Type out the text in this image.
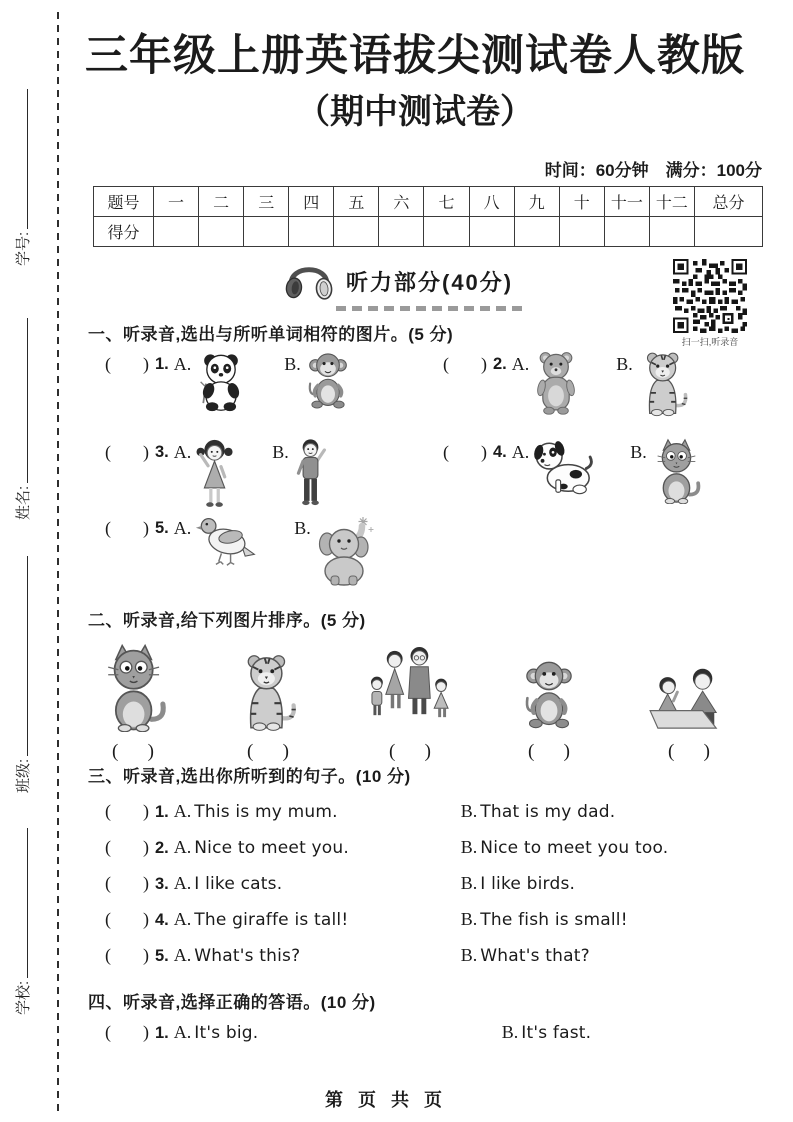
学号:
姓名:
班级:
学校:
三年级上册英语拔尖测试卷人教版
（期中测试卷）
时间：60分钟　满分：100分
题号	一	二	三	四	五	六	七	八	九	十	十一	十二	总分
得分													
听力部分(40分)
扫一扫,听录音
一、听录音,选出与所听单词相符的图片。(5 分)
( ) 1. A.	B.	( ) 2. A.	B.
( ) 3. A.	B.	( ) 4. A.	B.
( ) 5. A.	B.
二、听录音,给下列图片排序。(5 分)
( )	( )	( )	( )	( )
三、听录音,选出你所听到的句子。(10 分)
( ) 1. A. This is my mum.	B. That is my dad.
( ) 2. A. Nice to meet you.	B. Nice to meet you too.
( ) 3. A. I like cats.	B. I like birds.
( ) 4. A. The giraffe is tall!	B. The fish is small!
( ) 5. A. What's this?	B. What's that?
四、听录音,选择正确的答语。(10 分)
( ) 1. A. It's big.	B. It's fast.
第 页 共 页
